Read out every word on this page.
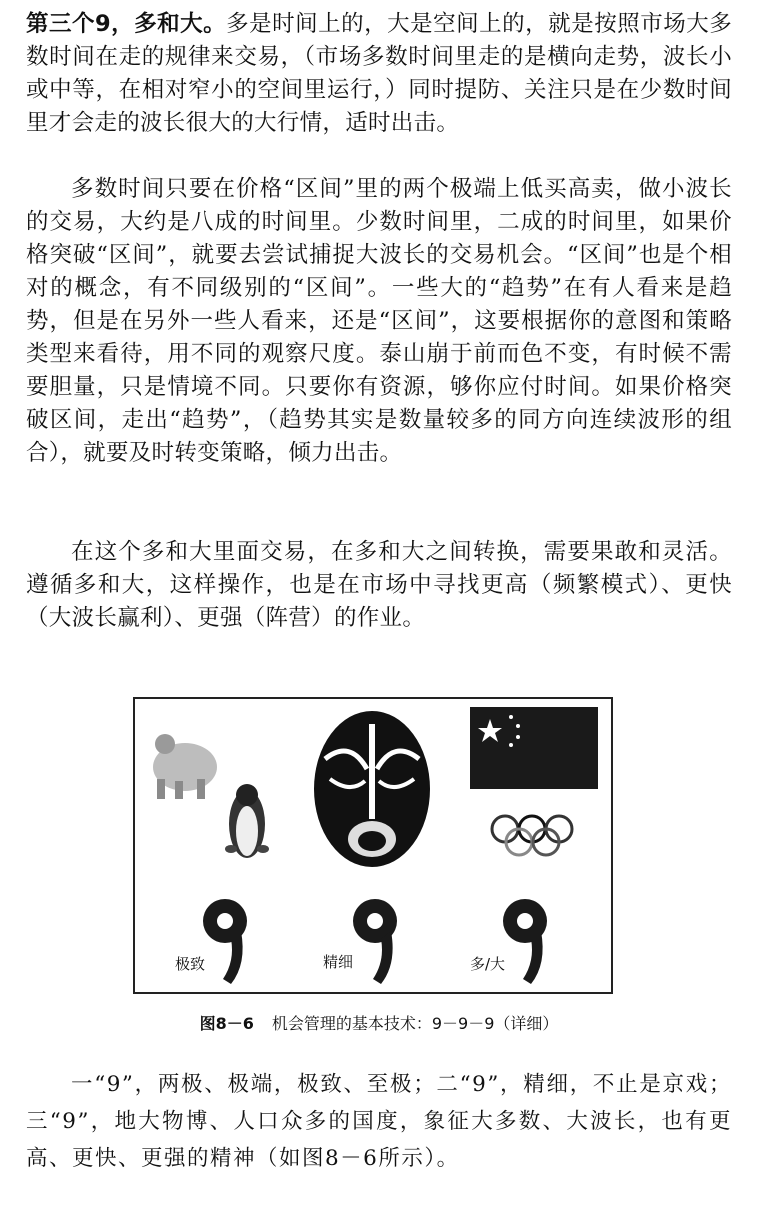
第三个9，多和大。多是时间上的，大是空间上的，就是按照市场大多数时间在走的规律来交易，（市场多数时间里走的是横向走势，波长小或中等，在相对窄小的空间里运行，）同时提防、关注只是在少数时间里才会走的波长很大的大行情，适时出击。
多数时间只要在价格“区间”里的两个极端上低买高卖，做小波长的交易，大约是八成的时间里。少数时间里，二成的时间里，如果价格突破“区间”，就要去尝试捕捉大波长的交易机会。“区间”也是个相对的概念，有不同级别的“区间”。一些大的“趋势”在有人看来是趋势，但是在另外一些人看来，还是“区间”，这要根据你的意图和策略类型来看待，用不同的观察尺度。泰山崩于前而色不变，有时候不需要胆量，只是情境不同。只要你有资源，够你应付时间。如果价格突破区间，走出“趋势”，（趋势其实是数量较多的同方向连续波形的组合），就要及时转变策略，倾力出击。
在这个多和大里面交易，在多和大之间转换，需要果敢和灵活。遵循多和大，这样操作，也是在市场中寻找更高（频繁模式）、更快（大波长赢利）、更强（阵营）的作业。
极致	精细	多/大
图8－6 机会管理的基本技术：9－9－9（详细）
一“9”，两极、极端，极致、至极；二“9”，精细，不止是京戏；三“9”，地大物博、人口众多的国度，象征大多数、大波长，也有更高、更快、更强的精神（如图8－6所示）。
